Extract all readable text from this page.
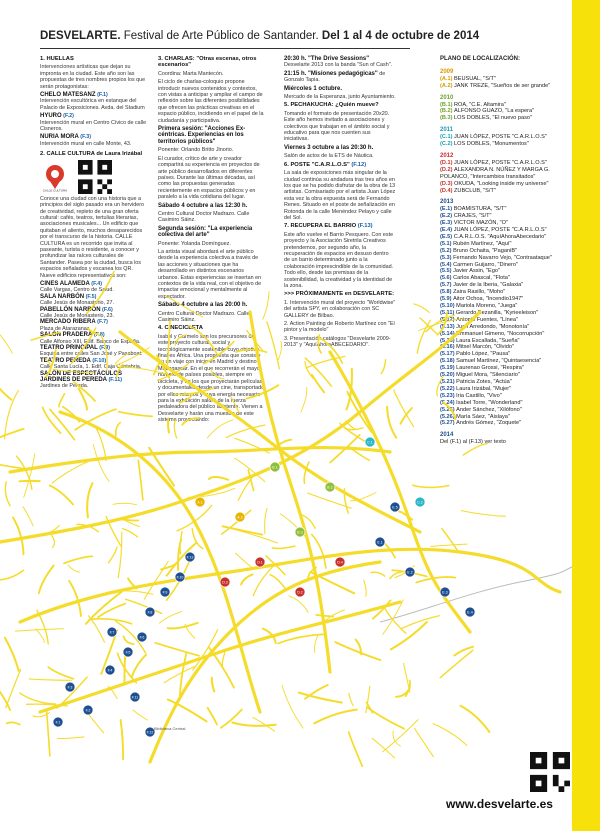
DESVELARTE. Festival de Arte Público de Santander. Del 1 al 4 de octubre de 2014
1. HUELLAS

Intervenciones artísticas que dejan su impronta en la ciudad. Este año son las propuestas de tres nombres propios los que serán protagonistas:

CHELO MATESANZ (F.1)
Intervención escultórica en estanque del Palacio de Exposiciones. Avda. del Stadium
HYURO (F.2)
Intervención mural en Centro Cívico de calle Cisneros.
NURIA MORA (F.3)
Intervención mural en calle Monte, 43.
2. CALLE CULTURA de Laura Irizábal
CALLE CULTURA

Conoce una ciudad con una historia que a principios del siglo pasado era un hervidero de creatividad, repleto de una gran oferta cultural: cafés, teatros, tertulias literarias, asociaciones musicales... Un edificio que quitaban el aliento, muchos desaparecidos por el transcurso de la historia. CALLE CULTURA es un recorrido que invita al paseante, turista o residente, a conocer y profundizar las raíces culturales de Santander. Pasea por la ciudad, busca los espacios señalados y escanea los QR. Nueve edificios representativos son:

CINES ALAMEDA (F.4)
Calle Vargas, Centro de Salud.
SALA NARBÓN (F.5)
Calle Jesús de Monasterio, 27.
PABELLÓN NARBÓN (F.6)
Calle Jesús de Monasterio, 23.
MERCADO RIBERA (F.7)
Plaza de Atarazanas.
SALÓN PRADERA (F.8)
Calle Alfonso XIII, Edif. Banco de España.
TEATRO PRINCIPAL (F.9)
Esquina entre calles San José y Pasaboat.
TEATRO PEREDA (F.10)
Calle Santa Lucía, 1. Edif. Caja Cantabria.
SALÓN DE ESPECTÁCULOS JARDINES DE PEREDA (F.11)
Jardines de Pereda.
3. CHARLAS: "Otras escenas, otros escenarios"

Coordina: Marta Mantecón.

El ciclo de charlas-coloquio propone introducir nuevos contenidos y contextos, con vistas a anticipar y ampliar el campo de reflexión sobre las diferentes posibilidades que ofrecen las prácticas creativas en el espacio público, incidiendo en el papel de la ciudadanía y participativa.

Primera sesión: "Acciones Ex-céntricas. Experiencias en los territorios públicos"

Ponente: Orlando Britto Jinorio.

El curador, crítico de arte y creador compartirá su experiencia en proyectos de arte público desarrollados en diferentes países. Durante las últimas décadas, así como las propuestas generadas recientemente en espacios públicos y en paralelo a la vida cotidiana del lugar.

Sábado 4 octubre a las 12:30 h.

Centro Cultural Doctor Madrazo. Calle Casimiro Sáinz.

Segunda sesión: "La experiencia colectiva del arte"

Ponente: Yolanda Domínguez.

La artista visual abordará el arte público desde la experiencia colectiva a través de las acciones y situaciones que ha desarrollado en distintos escenarios urbanos. Estas experiencias se insertan en contextos de la vida real, con el objetivo de impactar emocional y mentalmente al espectador.

Sábado 4 octubre a las 20:00 h.

Centro Cultural Doctor Madrazo. Calle Casimiro Sáinz.

4. CINECICLETA

Isabel y Carmelo son los precursores de este proyecto cultural, social y tecnológicamente sostenible cuyo objetivo final es África. Una propuesta que consiste en un viaje con inicio en Madrid y destino Madagascar. En el que recorrerán el mayor número de países posibles, siempre en bicicleta, y en los que proyectarán películas y documentales desde un cine, transportado por ellos mismos y cuya energía necesaria para la exhibición saldrá de la fuerza pedaleadora del público asistente. Vienen a Desvelarte y harán una muestra de este sistema proyectando:

20:30 h. "The Drive Sessions" Desvelarte 2013 con la banda "Sun of Cash".

21:15 h. "Misiones pedagógicas" de Gonzalo Tapia.

Miércoles 1 octubre.

Mercado de la Esperanza, junto Ayuntamiento.

5. PECHAKUCHA: ¿Quién mueve?

Tomando el formato de presentación 20x20. Este año hemos invitado a asociaciones y colectivos que trabajan en el ámbito social y educativo para que nos cuenten sus iniciativas.

Viernes 3 octubre a las 20:30 h.

Salón de actos de la ETS de Náutica.

6. POSTE "C.A.R.L.O.S" (F.12)

La sala de exposiciones más singular de la ciudad continúa su andadura tras tres años en los que se ha podido disfrutar de la obra de 13 artistas. Comisariado por el artista Juan López esta vez la obra expuesta será de Fernando Renes. Situado en el poste de señalización en Rotonda de la calle Menéndez Pelayo y calle del Sol.

7. RECUPERA EL BARRIO (F.13)

Este año vuelve el Barrio Pesquero. Con este proyecto y la Asociación Siretrila Creativos pretendemos, por segundo año, la recuperación de espacios en desuso dentro de un barrio determinado junto a la colaboración imprescindible de la comunidad. Todo ello, desde las premisas de la sostenibilidad, la creatividad y la identidad de la zona.

>>> PRÓXIMAMENTE en DESVELARTE:

1. Intervención mural del proyecto "Worldwise" del artista SPY, en colaboración con SC GALLERY de Bilbao.

2. Action Painting de Roberto Martínez con "El pintor y la modelo"

3. Presentación catálogos "Desvelarte 2009-2013" y "AquíAhoraABECEDARIO".

PLANO DE LOCALIZACIÓN:
2009
(A.1) BEUSUAL, "S/T"
(A.2) JANK TREZE, "Sueños de ser grande"
2010
(B.1) ROA, "C.E. Altamira"
(B.2) ALFONSO GUAZO, "La espera"
(B.3) LOS DOBLES, "El nuevo paso"
2011
(C.1) JUAN LÓPEZ, POSTE "C.A.R.L.O.S"
(C.2) LOS DOBLES, "Monumentos"
2012
(D.1) JUAN LÓPEZ, POSTE "C.A.R.L.O.S"
(D.2) ALEXANDRA N. NÚÑEZ Y MARGA G. POLANCO, "Intercambios transitados"
(D.3) OKUDA, "Looking inside my universe"
(D.4) ZUBCLUB, "S/T"
2013
(E.1) BOAMISTURA, "S/T"
(E.2) CRAJES, "S/T"
(E.3) VICTOR MAZÓN, "O"
(E.4) JUAN LÓPEZ, POSTE "C.A.R.L.O.S"
(E.5) C.A.R.L.O.S. "AquíAhoraAbecedario"
(5.1) Rubén Martínez, "Aquí"
(5.2) Bruno Ochaita, "PaganiB"
(5.3) Fernando Navarro Vejo, "Contraataque"
(5.4) Carmen Guijarro, "Dinero"
(5.5) Javier Assin, "Ego"
(5.6) Carlos Abascal, "Flota"
(5.7) Javier de la Iberia, "Galaxia"
(5.8) Zaira Rasillo, "Moho"
(5.9) Aitor Ochoa, "Incendio1947"
(5.10) Mariola Moreno, "Juega"
(5.11) Gerardo Bezanilla, "Kyrieeleison"
(5.12) Antonio Fuentes, "Línea"
(5.13) Juan Arredondo, "Monotonía"
(5.14) Emmanuel Gimeno, "Nocorrupción"
(5.15) Laura Escallada, "Sueña"
(5.16) Mitxel Marcón, "Olvido"
(5.17) Pablo López, "Pausa"
(5.18) Samuel Martínez, "Quintaesencia"
(5.19) Laurenao Grossi, "Respira"
(5.20) Miguel Mora, "Silenciario"
(5.21) Patricia Zotes, "Actúa"
(5.22) Laura Irizábal, "Mujer"
(5.23) Iria Castillo, "Vivo"
(5.24) Isabel Torre, "Wonderland"
(5.25) Ander Sánchez, "Xilófono"
(5.26) María Sáez, "Aislaya"
(5.27) Andrés Gómez, "Zoquete"
2014
Del (F.1) al (F.13) ver texto
F.1
F.2
F.3
F.4
F.5
F.6
F.7
F.8
F.9
F.10
F.11
F.12
F.13
A.1
A.2
B.1
B.2
B.3
C.1
C.2
D.1
D.2
D.3
D.4
E.1
E.2
E.3
E.4
E.5
Biblioteca Central
www.desvelarte.es
